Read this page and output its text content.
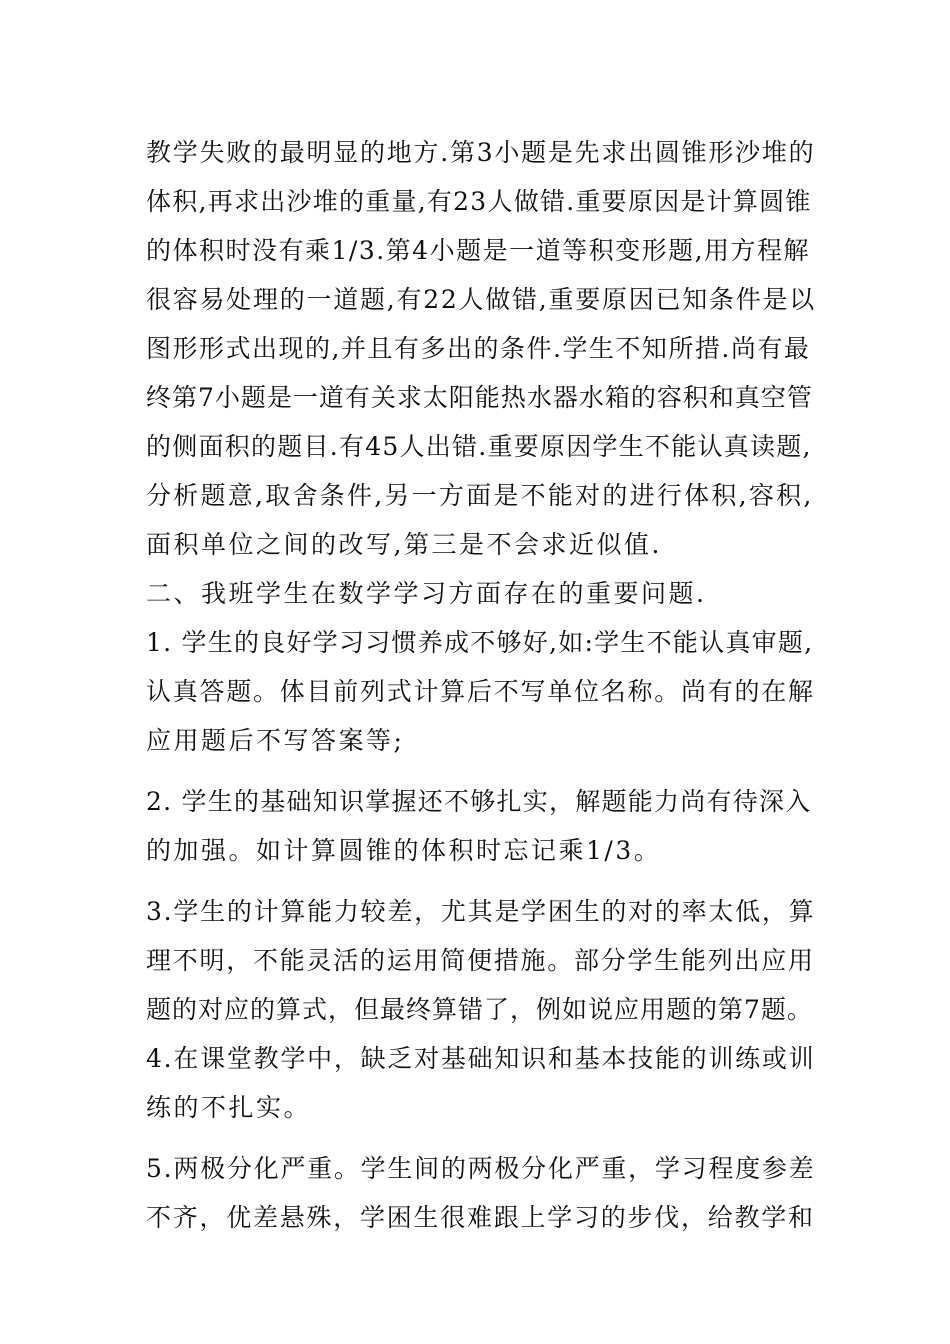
教学失败的最明显的地方.第3小题是先求出圆锥形沙堆的
体积,再求出沙堆的重量,有23人做错.重要原因是计算圆锥
的体积时没有乘1/3.第4小题是一道等积变形题,用方程解
很容易处理的一道题,有22人做错,重要原因已知条件是以
图形形式出现的,并且有多出的条件.学生不知所措.尚有最
终第7小题是一道有关求太阳能热水器水箱的容积和真空管
的侧面积的题目.有45人出错.重要原因学生不能认真读题,
分析题意,取舍条件,另一方面是不能对的进行体积,容积,
面积单位之间的改写,第三是不会求近似值.
二、我班学生在数学学习方面存在的重要问题.
1. 学生的良好学习习惯养成不够好,如:学生不能认真审题,
认真答题。体目前列式计算后不写单位名称。尚有的在解
应用题后不写答案等;
2. 学生的基础知识掌握还不够扎实，解题能力尚有待深入
的加强。如计算圆锥的体积时忘记乘1/3。
3.学生的计算能力较差，尤其是学困生的对的率太低，算
理不明，不能灵活的运用简便措施。部分学生能列出应用
题的对应的算式，但最终算错了，例如说应用题的第7题。
4.在课堂教学中，缺乏对基础知识和基本技能的训练或训
练的不扎实。
5.两极分化严重。学生间的两极分化严重，学习程度参差
不齐，优差悬殊，学困生很难跟上学习的步伐，给教学和
